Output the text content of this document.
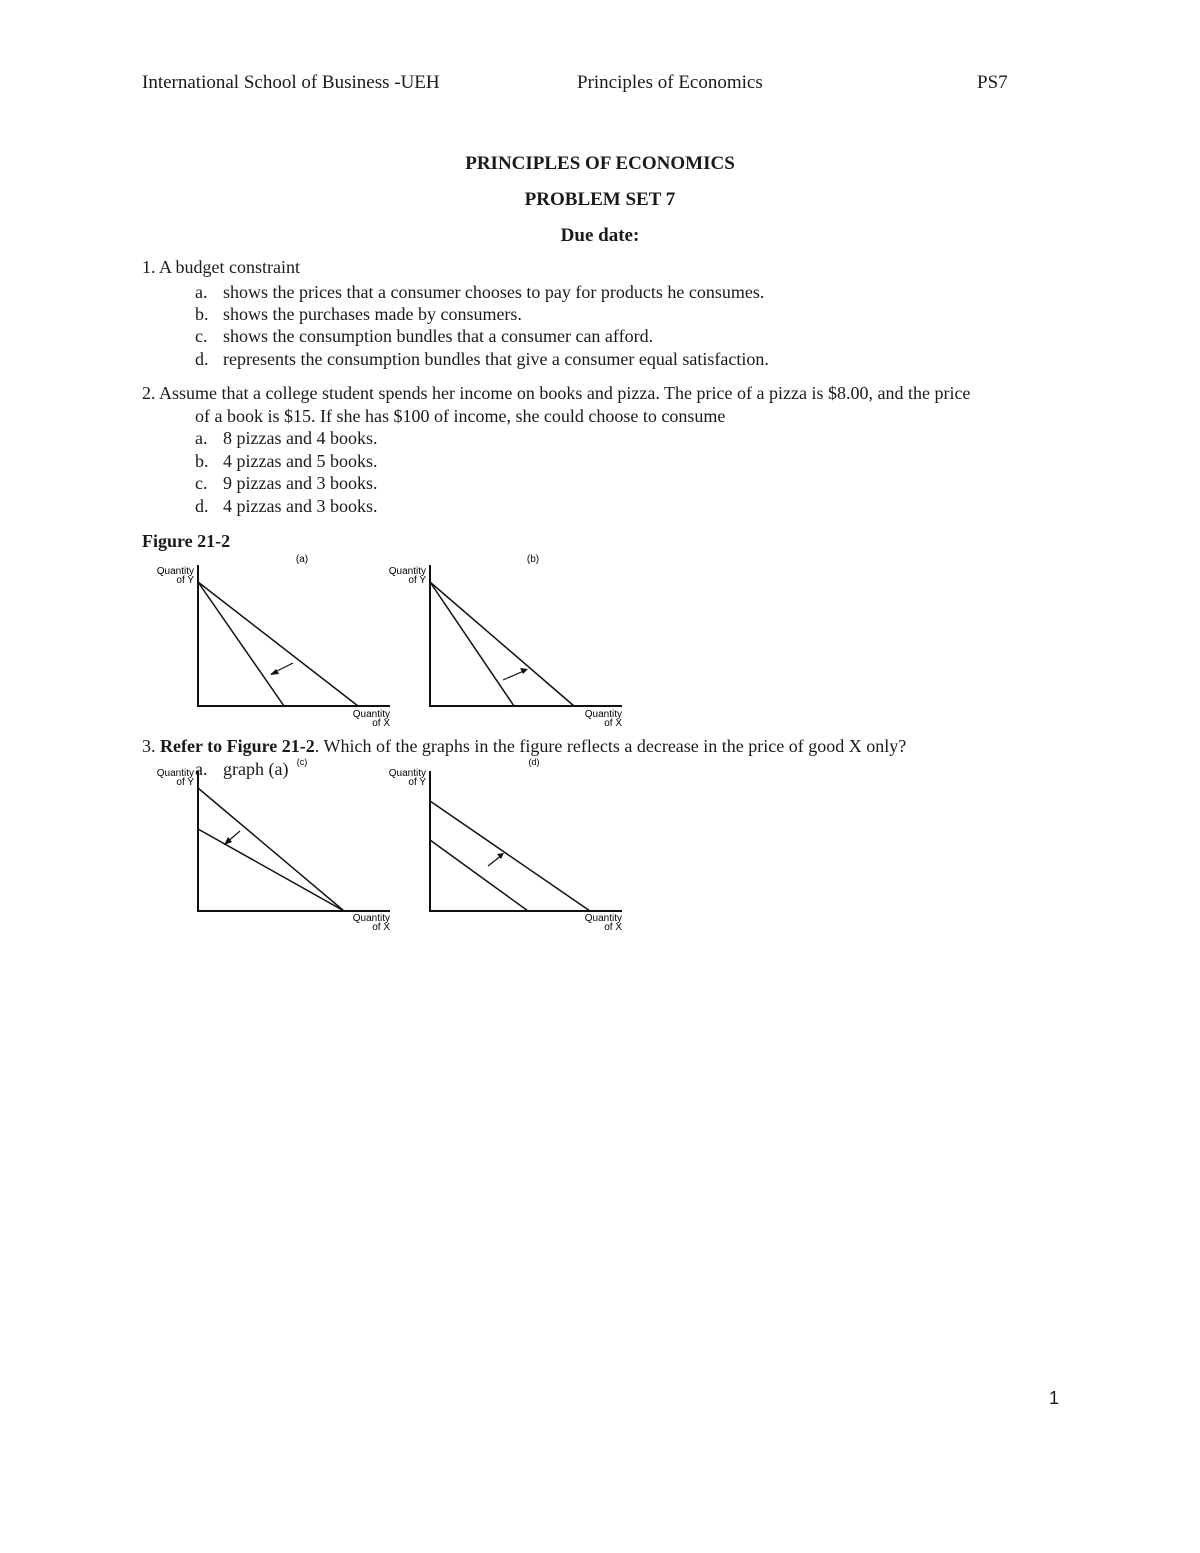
International School of Business -UEH	Principles of Economics	PS7
PRINCIPLES OF ECONOMICS
PROBLEM SET 7
Due date:
1. A budget constraint
a. shows the prices that a consumer chooses to pay for products he consumes.
b. shows the purchases made by consumers.
c. shows the consumption bundles that a consumer can afford.
d. represents the consumption bundles that give a consumer equal satisfaction.
2. Assume that a college student spends her income on books and pizza. The price of a pizza is $8.00, and the price
of a book is $15. If she has $100 of income, she could choose to consume
a. 8 pizzas and 4 books.
b. 4 pizzas and 5 books.
c. 9 pizzas and 3 books.
d. 4 pizzas and 3 books.
Figure 21-2
(a)
Quantity
of Y
Quantity
of X
(b)
Quantity
of Y
Quantity
of X
(c)
Quantity
of Y
Quantity
of X
(d)
Quantity
of Y
Quantity
of X
3. Refer to Figure 21-2. Which of the graphs in the figure reflects a decrease in the price of good X only?
a. graph (a)
1
